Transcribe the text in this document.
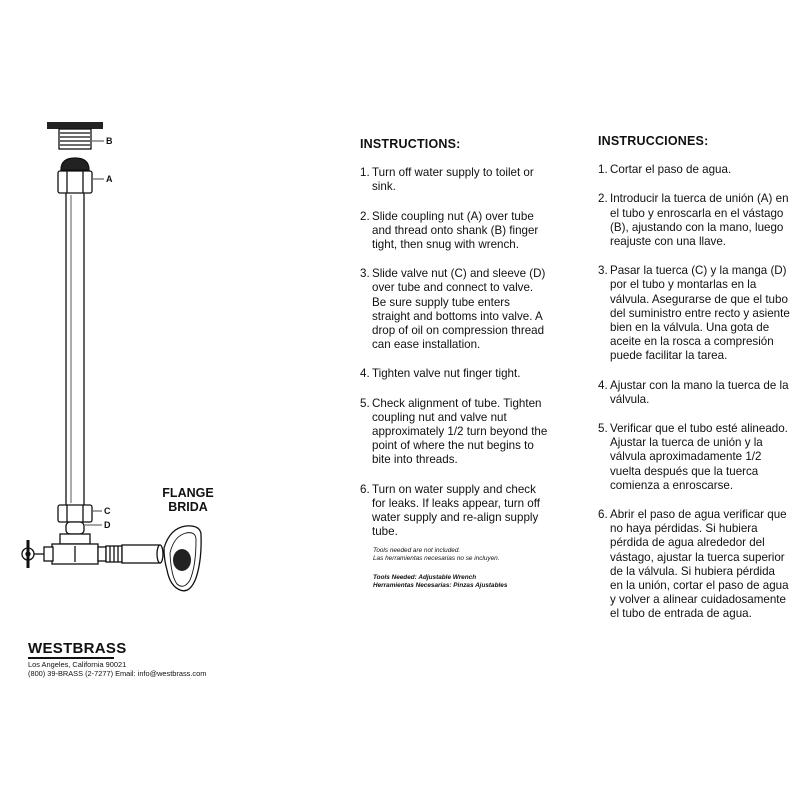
B
A
C
D
FLANGE
BRIDA
INSTRUCTIONS:
1. Turn off water supply to toilet or sink.
2. Slide coupling nut (A) over tube and thread onto shank (B) finger tight, then snug with wrench.
3. Slide valve nut (C) and sleeve (D) over tube and connect to valve. Be sure supply tube enters straight and bottoms into valve. A drop of oil on compression thread can ease installation.
4. Tighten valve nut finger tight.
5. Check alignment of tube. Tighten coupling nut and valve nut approximately 1/2 turn beyond the point of where the nut begins to bite into threads.
6. Turn on water supply and check for leaks. If leaks appear, turn off water supply and re-align supply tube.
INSTRUCCIONES:
1. Cortar el paso de agua.
2. Introducir la tuerca de unión (A) en el tubo y enroscarla en el vástago (B), ajustando con la mano, luego reajuste con una llave.
3. Pasar la tuerca (C) y la manga (D) por el tubo y montarlas en la válvula. Asegurarse de que el tubo del suministro entre recto y asiente bien en la válvula. Una gota de aceite en la rosca a compresión puede facilitar la tarea.
4. Ajustar con la mano la tuerca de la válvula.
5. Verificar que el tubo esté alineado. Ajustar la tuerca de unión y la válvula aproximadamente 1/2 vuelta después que la tuerca comienza a enroscarse.
6. Abrir el paso de agua verificar que no haya pérdidas. Si hubiera pérdida de agua alrededor del vástago, ajustar la tuerca superior de la válvula. Si hubiera pérdida en la unión, cortar el paso de agua y volver a alinear cuidadosamente el tubo de entrada de agua.
Tools needed are not included.
Las herramientas necesarias no se incluyen.
Tools Needed: Adjustable Wrench
Herramientas Necesarias: Pinzas Ajustables
WESTBRASS
Los Angeles, California 90021
(800) 39-BRASS (2-7277) Email: info@westbrass.com
